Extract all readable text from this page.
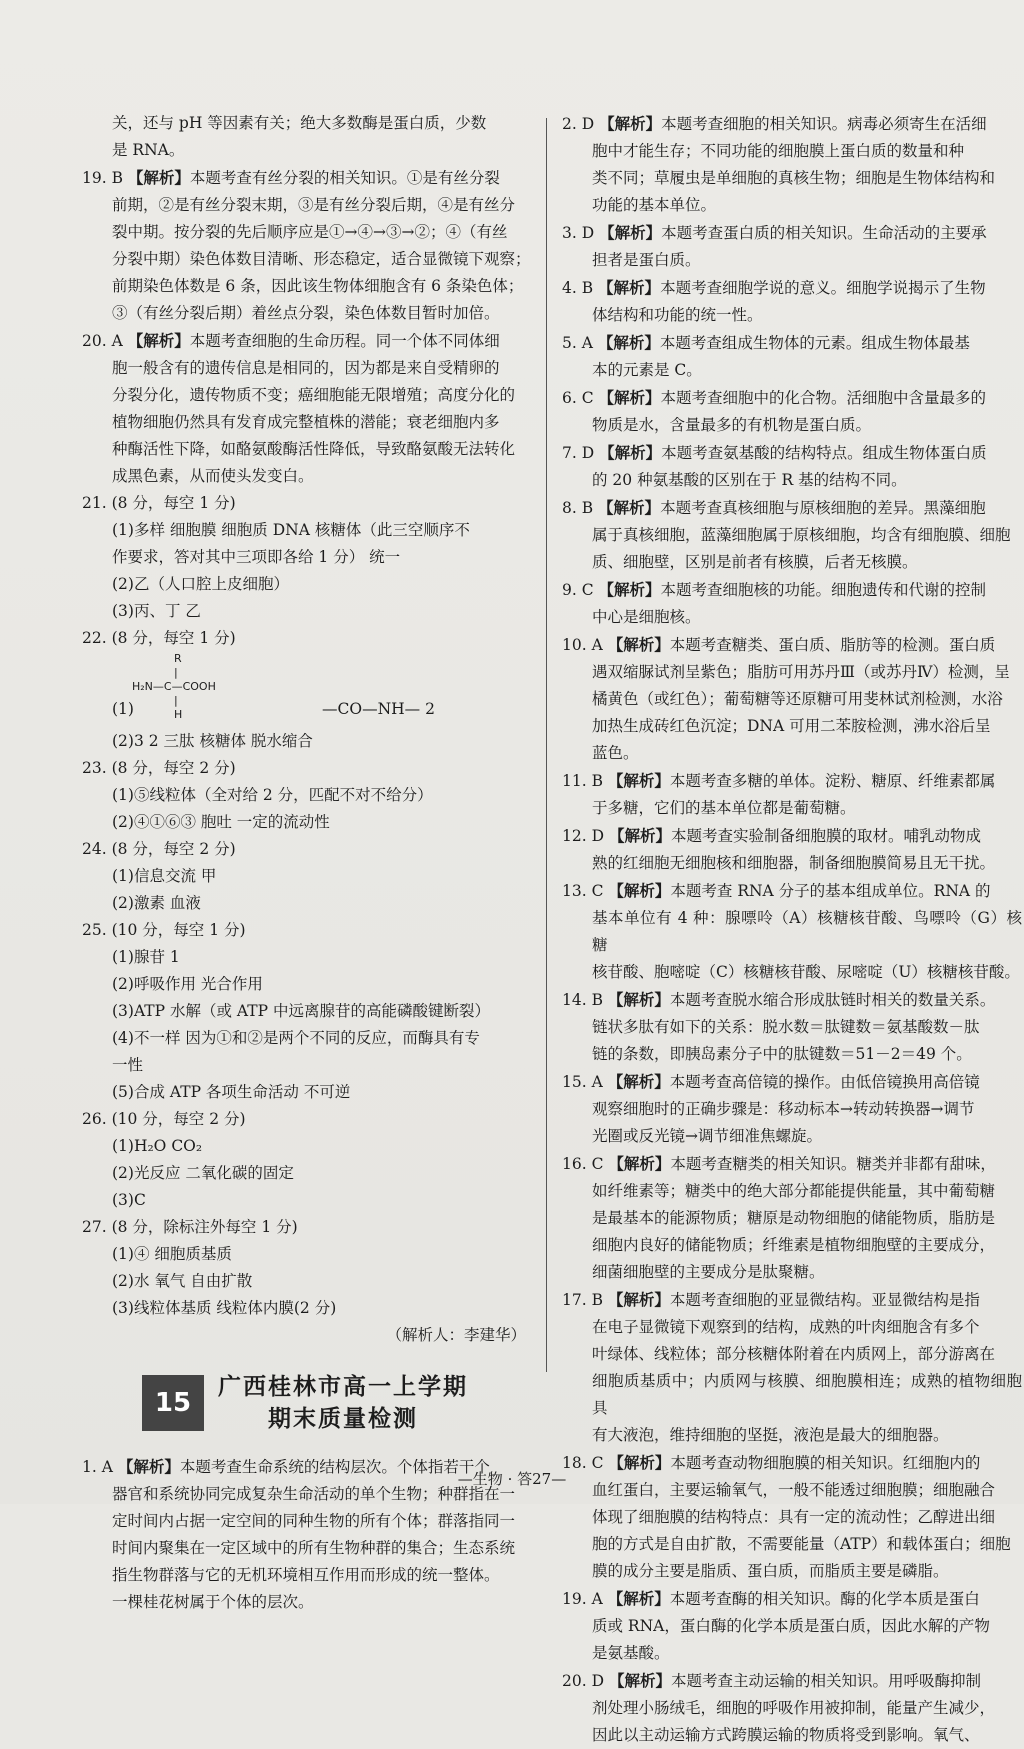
关，还与 pH 等因素有关；绝大多数酶是蛋白质，少数

是 RNA。

19. B 【解析】本题考查有丝分裂的相关知识。①是有丝分裂

前期，②是有丝分裂末期，③是有丝分裂后期，④是有丝分

裂中期。按分裂的先后顺序应是①→④→③→②；④（有丝

分裂中期）染色体数目清晰、形态稳定，适合显微镜下观察；

前期染色体数是 6 条，因此该生物体细胞含有 6 条染色体；

③（有丝分裂后期）着丝点分裂，染色体数目暂时加倍。

20. A 【解析】本题考查细胞的生命历程。同一个体不同体细

胞一般含有的遗传信息是相同的，因为都是来自受精卵的

分裂分化，遗传物质不变；癌细胞能无限增殖；高度分化的

植物细胞仍然具有发育成完整植株的潜能；衰老细胞内多

种酶活性下降，如酪氨酸酶活性降低，导致酪氨酸无法转化

成黑色素，从而使头发变白。

21. (8 分，每空 1 分)

(1)多样 细胞膜 细胞质 DNA 核糖体（此三空顺序不

作要求，答对其中三项即各给 1 分） 统一

(2)乙（人口腔上皮细胞）

(3)丙、丁 乙

22. (8 分，每空 1 分)

R
|
H₂N—C—COOH
|
H
(1)	—CO—NH— 2

(2)3 2 三肽 核糖体 脱水缩合

23. (8 分，每空 2 分)

(1)⑤线粒体（全对给 2 分，匹配不对不给分）

(2)④①⑥③ 胞吐 一定的流动性

24. (8 分，每空 2 分)

(1)信息交流 甲

(2)激素 血液

25. (10 分，每空 1 分)

(1)腺苷 1

(2)呼吸作用 光合作用

(3)ATP 水解（或 ATP 中远离腺苷的高能磷酸键断裂）

(4)不一样 因为①和②是两个不同的反应，而酶具有专

一性

(5)合成 ATP 各项生命活动 不可逆

26. (10 分，每空 2 分)

(1)H₂O CO₂

(2)光反应 二氧化碳的固定

(3)C

27. (8 分，除标注外每空 1 分)

(1)④ 细胞质基质

(2)水 氧气 自由扩散

(3)线粒体基质 线粒体内膜(2 分)

（解析人：李建华）

15
广西桂林市高一上学期
期末质量检测

1. A 【解析】本题考查生命系统的结构层次。个体指若干个

器官和系统协同完成复杂生命活动的单个生物；种群指在一

定时间内占据一定空间的同种生物的所有个体；群落指同一

时间内聚集在一定区域中的所有生物种群的集合；生态系统

指生物群落与它的无机环境相互作用而形成的统一整体。

一棵桂花树属于个体的层次。

2. D 【解析】本题考查细胞的相关知识。病毒必须寄生在活细

胞中才能生存；不同功能的细胞膜上蛋白质的数量和种

类不同；草履虫是单细胞的真核生物；细胞是生物体结构和

功能的基本单位。

3. D 【解析】本题考查蛋白质的相关知识。生命活动的主要承

担者是蛋白质。

4. B 【解析】本题考查细胞学说的意义。细胞学说揭示了生物

体结构和功能的统一性。

5. A 【解析】本题考查组成生物体的元素。组成生物体最基

本的元素是 C。

6. C 【解析】本题考查细胞中的化合物。活细胞中含量最多的

物质是水，含量最多的有机物是蛋白质。

7. D 【解析】本题考查氨基酸的结构特点。组成生物体蛋白质

的 20 种氨基酸的区别在于 R 基的结构不同。

8. B 【解析】本题考查真核细胞与原核细胞的差异。黑藻细胞

属于真核细胞，蓝藻细胞属于原核细胞，均含有细胞膜、细胞

质、细胞壁，区别是前者有核膜，后者无核膜。

9. C 【解析】本题考查细胞核的功能。细胞遗传和代谢的控制

中心是细胞核。

10. A 【解析】本题考查糖类、蛋白质、脂肪等的检测。蛋白质

遇双缩脲试剂呈紫色；脂肪可用苏丹Ⅲ（或苏丹Ⅳ）检测，呈

橘黄色（或红色）；葡萄糖等还原糖可用斐林试剂检测，水浴

加热生成砖红色沉淀；DNA 可用二苯胺检测，沸水浴后呈

蓝色。

11. B 【解析】本题考查多糖的单体。淀粉、糖原、纤维素都属

于多糖，它们的基本单位都是葡萄糖。

12. D 【解析】本题考查实验制备细胞膜的取材。哺乳动物成

熟的红细胞无细胞核和细胞器，制备细胞膜简易且无干扰。

13. C 【解析】本题考查 RNA 分子的基本组成单位。RNA 的

基本单位有 4 种：腺嘌呤（A）核糖核苷酸、鸟嘌呤（G）核糖

核苷酸、胞嘧啶（C）核糖核苷酸、尿嘧啶（U）核糖核苷酸。

14. B 【解析】本题考查脱水缩合形成肽链时相关的数量关系。

链状多肽有如下的关系：脱水数＝肽键数＝氨基酸数－肽

链的条数，即胰岛素分子中的肽键数＝51－2＝49 个。

15. A 【解析】本题考查高倍镜的操作。由低倍镜换用高倍镜

观察细胞时的正确步骤是：移动标本→转动转换器→调节

光圈或反光镜→调节细准焦螺旋。

16. C 【解析】本题考查糖类的相关知识。糖类并非都有甜味，

如纤维素等；糖类中的绝大部分都能提供能量，其中葡萄糖

是最基本的能源物质；糖原是动物细胞的储能物质，脂肪是

细胞内良好的储能物质；纤维素是植物细胞壁的主要成分，

细菌细胞壁的主要成分是肽聚糖。

17. B 【解析】本题考查细胞的亚显微结构。亚显微结构是指

在电子显微镜下观察到的结构，成熟的叶肉细胞含有多个

叶绿体、线粒体；部分核糖体附着在内质网上，部分游离在

细胞质基质中；内质网与核膜、细胞膜相连；成熟的植物细胞具

有大液泡，维持细胞的坚挺，液泡是最大的细胞器。

18. C 【解析】本题考查动物细胞膜的相关知识。红细胞内的

血红蛋白，主要运输氧气，一般不能透过细胞膜；细胞融合

体现了细胞膜的结构特点：具有一定的流动性；乙醇进出细

胞的方式是自由扩散，不需要能量（ATP）和载体蛋白；细胞

膜的成分主要是脂质、蛋白质，而脂质主要是磷脂。

19. A 【解析】本题考查酶的相关知识。酶的化学本质是蛋白

质或 RNA，蛋白酶的化学本质是蛋白质，因此水解的产物

是氨基酸。

20. D 【解析】本题考查主动运输的相关知识。用呼吸酶抑制

剂处理小肠绒毛，细胞的呼吸作用被抑制，能量产生减少，

因此以主动运输方式跨膜运输的物质将受到影响。氧气、

—生物 · 答27—
